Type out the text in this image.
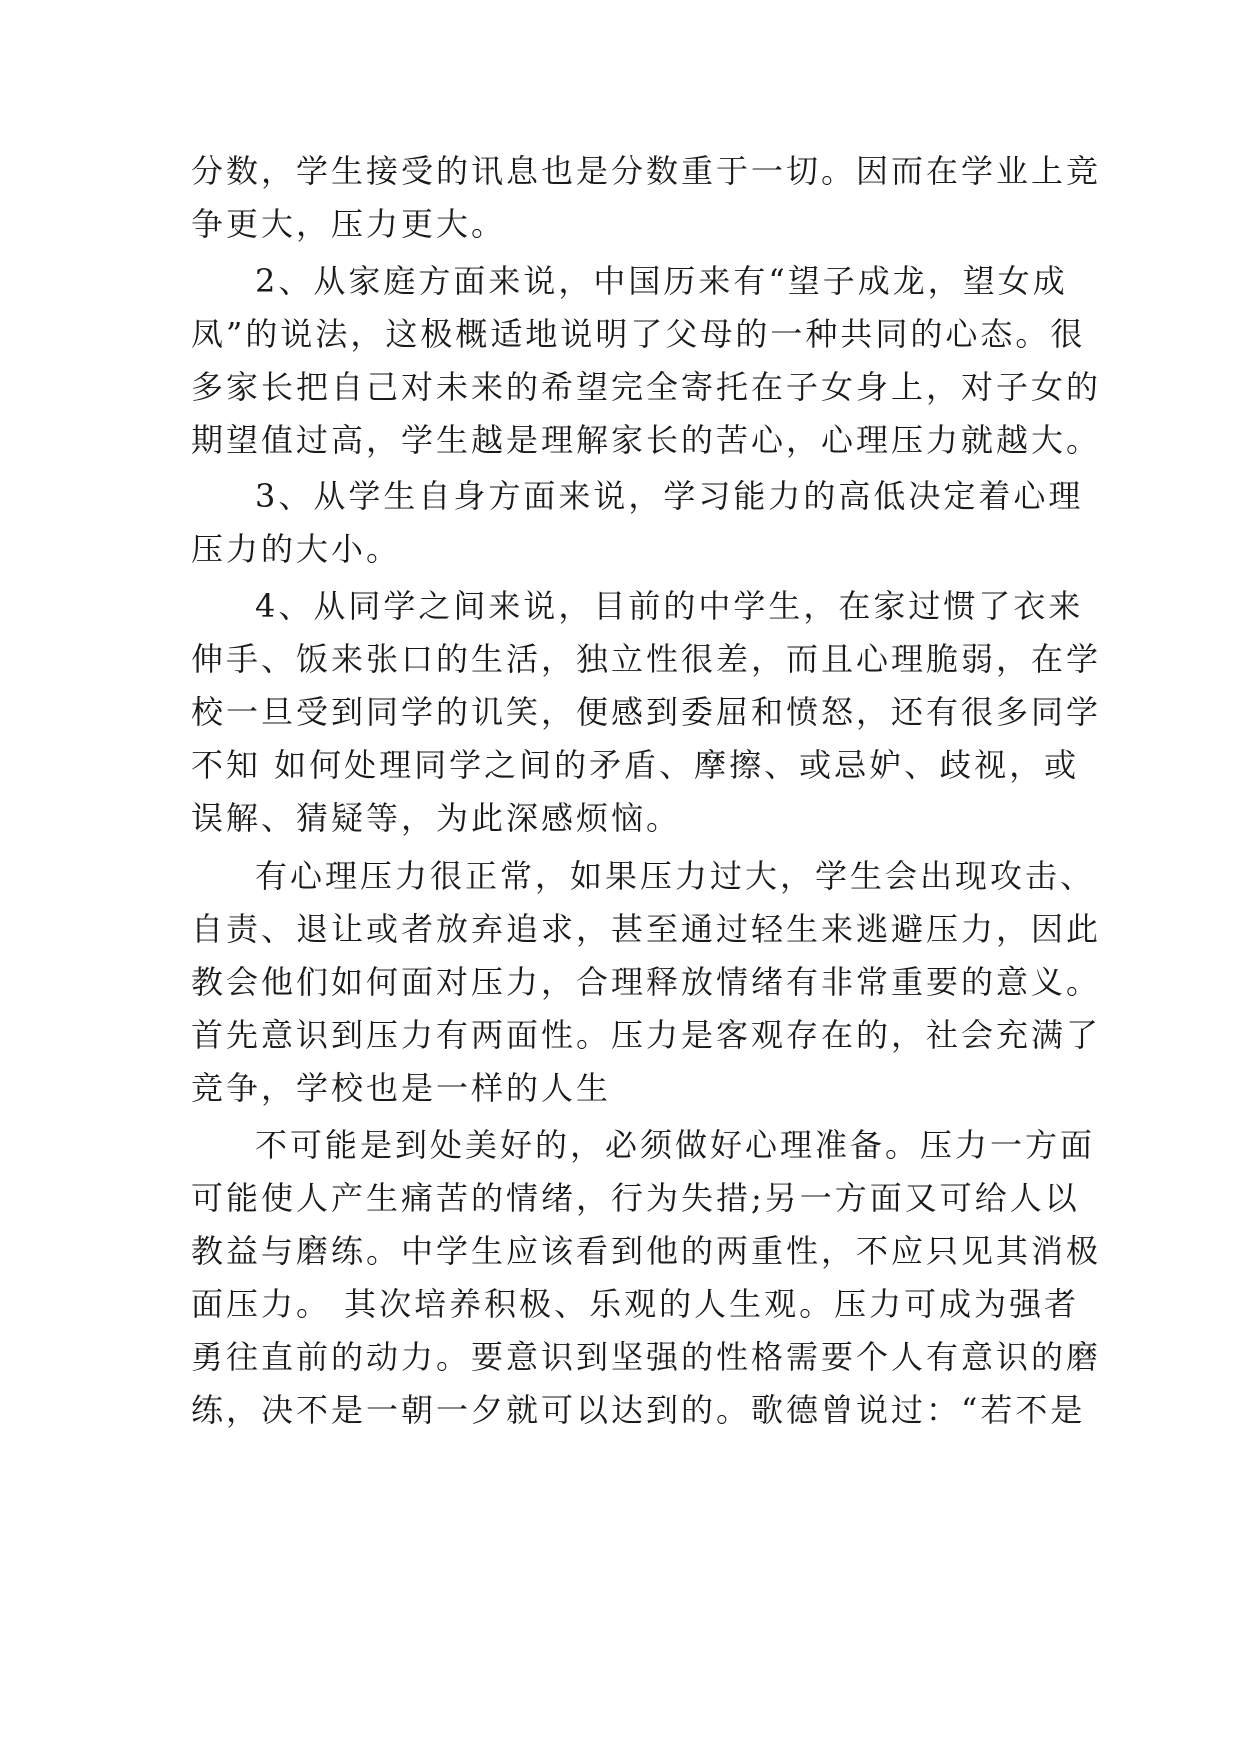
分数，学生接受的讯息也是分数重于一切。因而在学业上竞

争更大，压力更大。

2、从家庭方面来说，中国历来有“望子成龙，望女成

凤”的说法，这极概适地说明了父母的一种共同的心态。很

多家长把自己对未来的希望完全寄托在子女身上，对子女的

期望值过高，学生越是理解家长的苦心，心理压力就越大。

3、从学生自身方面来说，学习能力的高低决定着心理

压力的大小。

4、从同学之间来说，目前的中学生，在家过惯了衣来

伸手、饭来张口的生活，独立性很差，而且心理脆弱，在学

校一旦受到同学的讥笑，便感到委屈和愤怒，还有很多同学

不知 如何处理同学之间的矛盾、摩擦、或忌妒、歧视，或

误解、猜疑等，为此深感烦恼。

有心理压力很正常，如果压力过大，学生会出现攻击、

自责、退让或者放弃追求，甚至通过轻生来逃避压力，因此

教会他们如何面对压力，合理释放情绪有非常重要的意义。

首先意识到压力有两面性。压力是客观存在的，社会充满了

竞争，学校也是一样的人生

不可能是到处美好的，必须做好心理准备。压力一方面

可能使人产生痛苦的情绪，行为失措;另一方面又可给人以

教益与磨练。中学生应该看到他的两重性，不应只见其消极

面压力。 其次培养积极、乐观的人生观。压力可成为强者

勇往直前的动力。要意识到坚强的性格需要个人有意识的磨

练，决不是一朝一夕就可以达到的。歌德曾说过：“若不是
